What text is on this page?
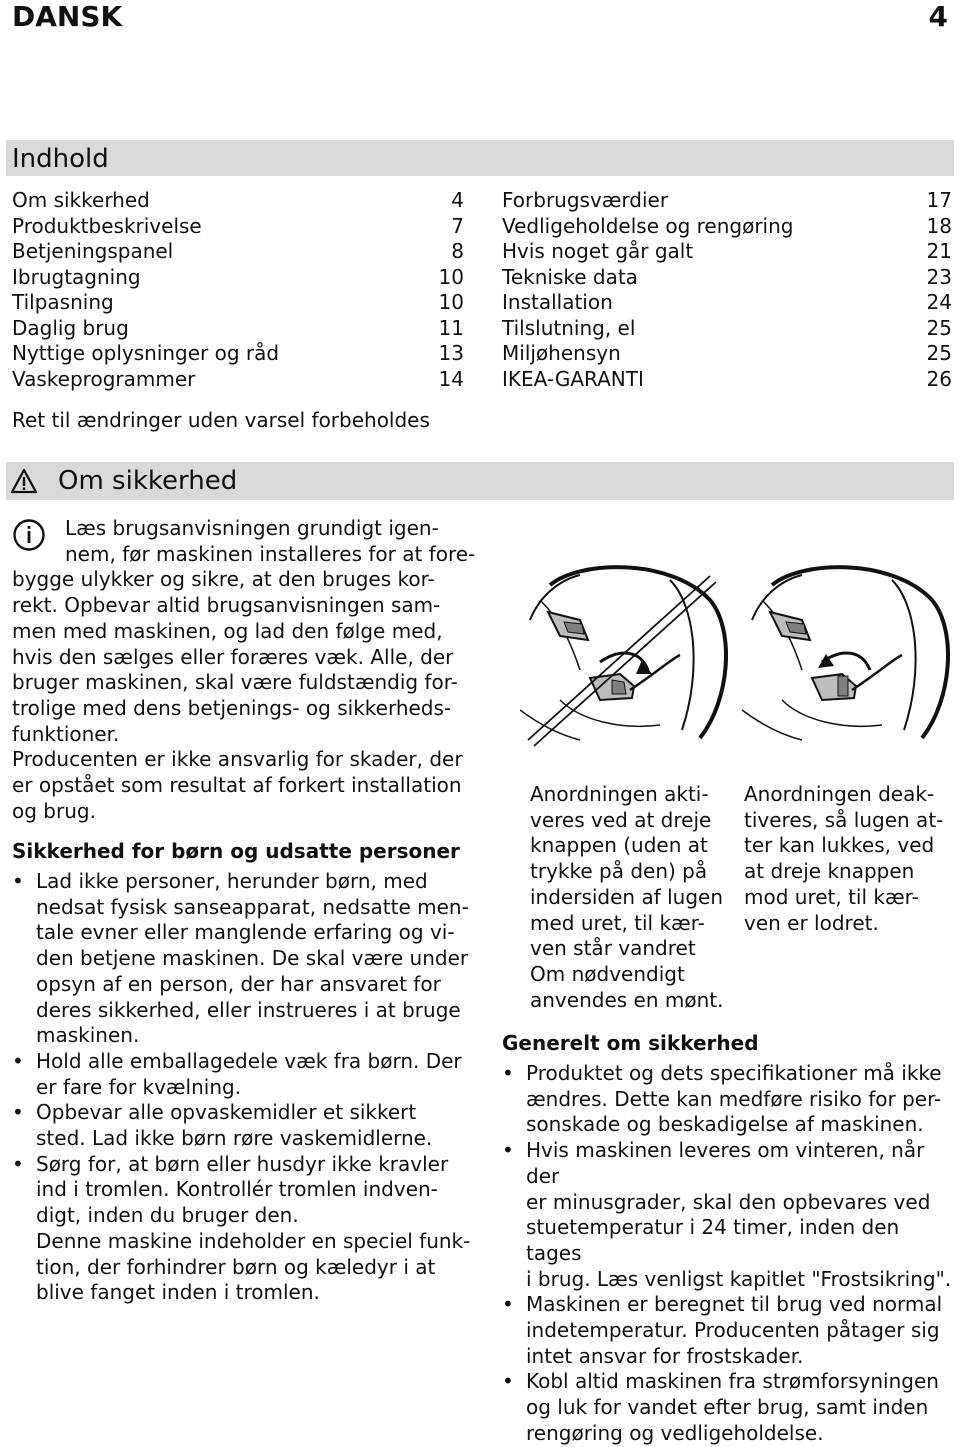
DANSK	4
Indhold
Om sikkerhed	4
Produktbeskrivelse	7
Betjeningspanel	8
Ibrugtagning	10
Tilpasning	10
Daglig brug	11
Nyttige oplysninger og råd	13
Vaskeprogrammer	14
Forbrugsværdier	17
Vedligeholdelse og rengøring	18
Hvis noget går galt	21
Tekniske data	23
Installation	24
Tilslutning, el	25
Miljøhensyn	25
IKEA-GARANTI	26
Ret til ændringer uden varsel forbeholdes
Om sikkerhed
Læs brugsanvisningen grundigt igen-
nem, før maskinen installeres for at fore-
bygge ulykker og sikre, at den bruges kor-
rekt. Opbevar altid brugsanvisningen sam-
men med maskinen, og lad den følge med,
hvis den sælges eller foræres væk. Alle, der
bruger maskinen, skal være fuldstændig for-
trolige med dens betjenings- og sikkerheds-
funktioner.
Producenten er ikke ansvarlig for skader, der
er opstået som resultat af forkert installation
og brug.
Sikkerhed for børn og udsatte personer
• Lad ikke personer, herunder børn, med
nedsat fysisk sanseapparat, nedsatte men-
tale evner eller manglende erfaring og vi-
den betjene maskinen. De skal være under
opsyn af en person, der har ansvaret for
deres sikkerhed, eller instrueres i at bruge
maskinen.
• Hold alle emballagedele væk fra børn. Der
er fare for kvælning.
• Opbevar alle opvaskemidler et sikkert
sted. Lad ikke børn røre vaskemidlerne.
• Sørg for, at børn eller husdyr ikke kravler
ind i tromlen. Kontrollér tromlen indven-
digt, inden du bruger den.
Denne maskine indeholder en speciel funk-
tion, der forhindrer børn og kæledyr i at
blive fanget inden i tromlen.
Anordningen akti-
veres ved at dreje
knappen (uden at
trykke på den) på
indersiden af lugen
med uret, til kær-
ven står vandret
Om nødvendigt
anvendes en mønt.
Anordningen deak-
tiveres, så lugen at-
ter kan lukkes, ved
at dreje knappen
mod uret, til kær-
ven er lodret.
Generelt om sikkerhed
• Produktet og dets specifikationer må ikke
ændres. Dette kan medføre risiko for per-
sonskade og beskadigelse af maskinen.
• Hvis maskinen leveres om vinteren, når der
er minusgrader, skal den opbevares ved
stuetemperatur i 24 timer, inden den tages
i brug. Læs venligst kapitlet "Frostsikring".
• Maskinen er beregnet til brug ved normal
indetemperatur. Producenten påtager sig
intet ansvar for frostskader.
• Kobl altid maskinen fra strømforsyningen
og luk for vandet efter brug, samt inden
rengøring og vedligeholdelse.
